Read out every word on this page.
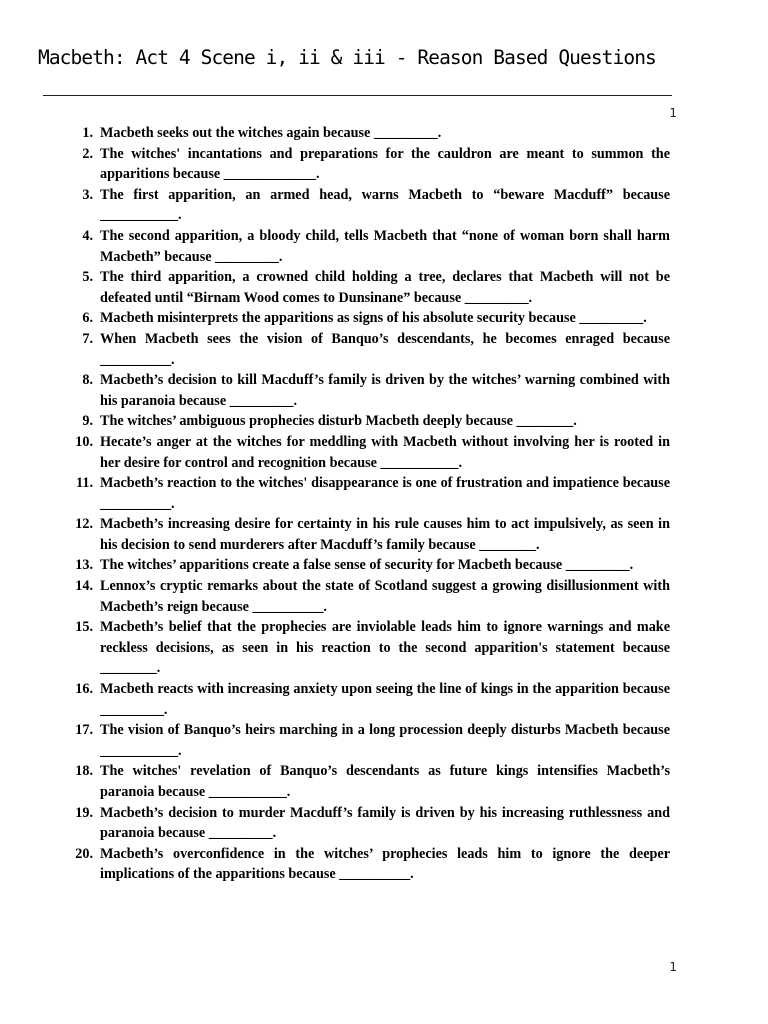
Macbeth: Act 4 Scene i, ii & iii - Reason Based Questions
1
1. Macbeth seeks out the witches again because _________.
2. The witches' incantations and preparations for the cauldron are meant to summon the apparitions because _____________.
3. The first apparition, an armed head, warns Macbeth to “beware Macduff” because ___________.
4. The second apparition, a bloody child, tells Macbeth that “none of woman born shall harm Macbeth” because _________.
5. The third apparition, a crowned child holding a tree, declares that Macbeth will not be defeated until “Birnam Wood comes to Dunsinane” because _________.
6. Macbeth misinterprets the apparitions as signs of his absolute security because _________.
7. When Macbeth sees the vision of Banquo’s descendants, he becomes enraged because __________.
8. Macbeth’s decision to kill Macduff’s family is driven by the witches’ warning combined with his paranoia because _________.
9. The witches’ ambiguous prophecies disturb Macbeth deeply because ________.
10. Hecate’s anger at the witches for meddling with Macbeth without involving her is rooted in her desire for control and recognition because ___________.
11. Macbeth’s reaction to the witches' disappearance is one of frustration and impatience because __________.
12. Macbeth’s increasing desire for certainty in his rule causes him to act impulsively, as seen in his decision to send murderers after Macduff’s family because ________.
13. The witches’ apparitions create a false sense of security for Macbeth because _________.
14. Lennox’s cryptic remarks about the state of Scotland suggest a growing disillusionment with Macbeth’s reign because __________.
15. Macbeth’s belief that the prophecies are inviolable leads him to ignore warnings and make reckless decisions, as seen in his reaction to the second apparition's statement because ________.
16. Macbeth reacts with increasing anxiety upon seeing the line of kings in the apparition because _________.
17. The vision of Banquo’s heirs marching in a long procession deeply disturbs Macbeth because ___________.
18. The witches' revelation of Banquo’s descendants as future kings intensifies Macbeth’s paranoia because ___________.
19. Macbeth’s decision to murder Macduff’s family is driven by his increasing ruthlessness and paranoia because _________.
20. Macbeth’s overconfidence in the witches’ prophecies leads him to ignore the deeper implications of the apparitions because __________.
1
